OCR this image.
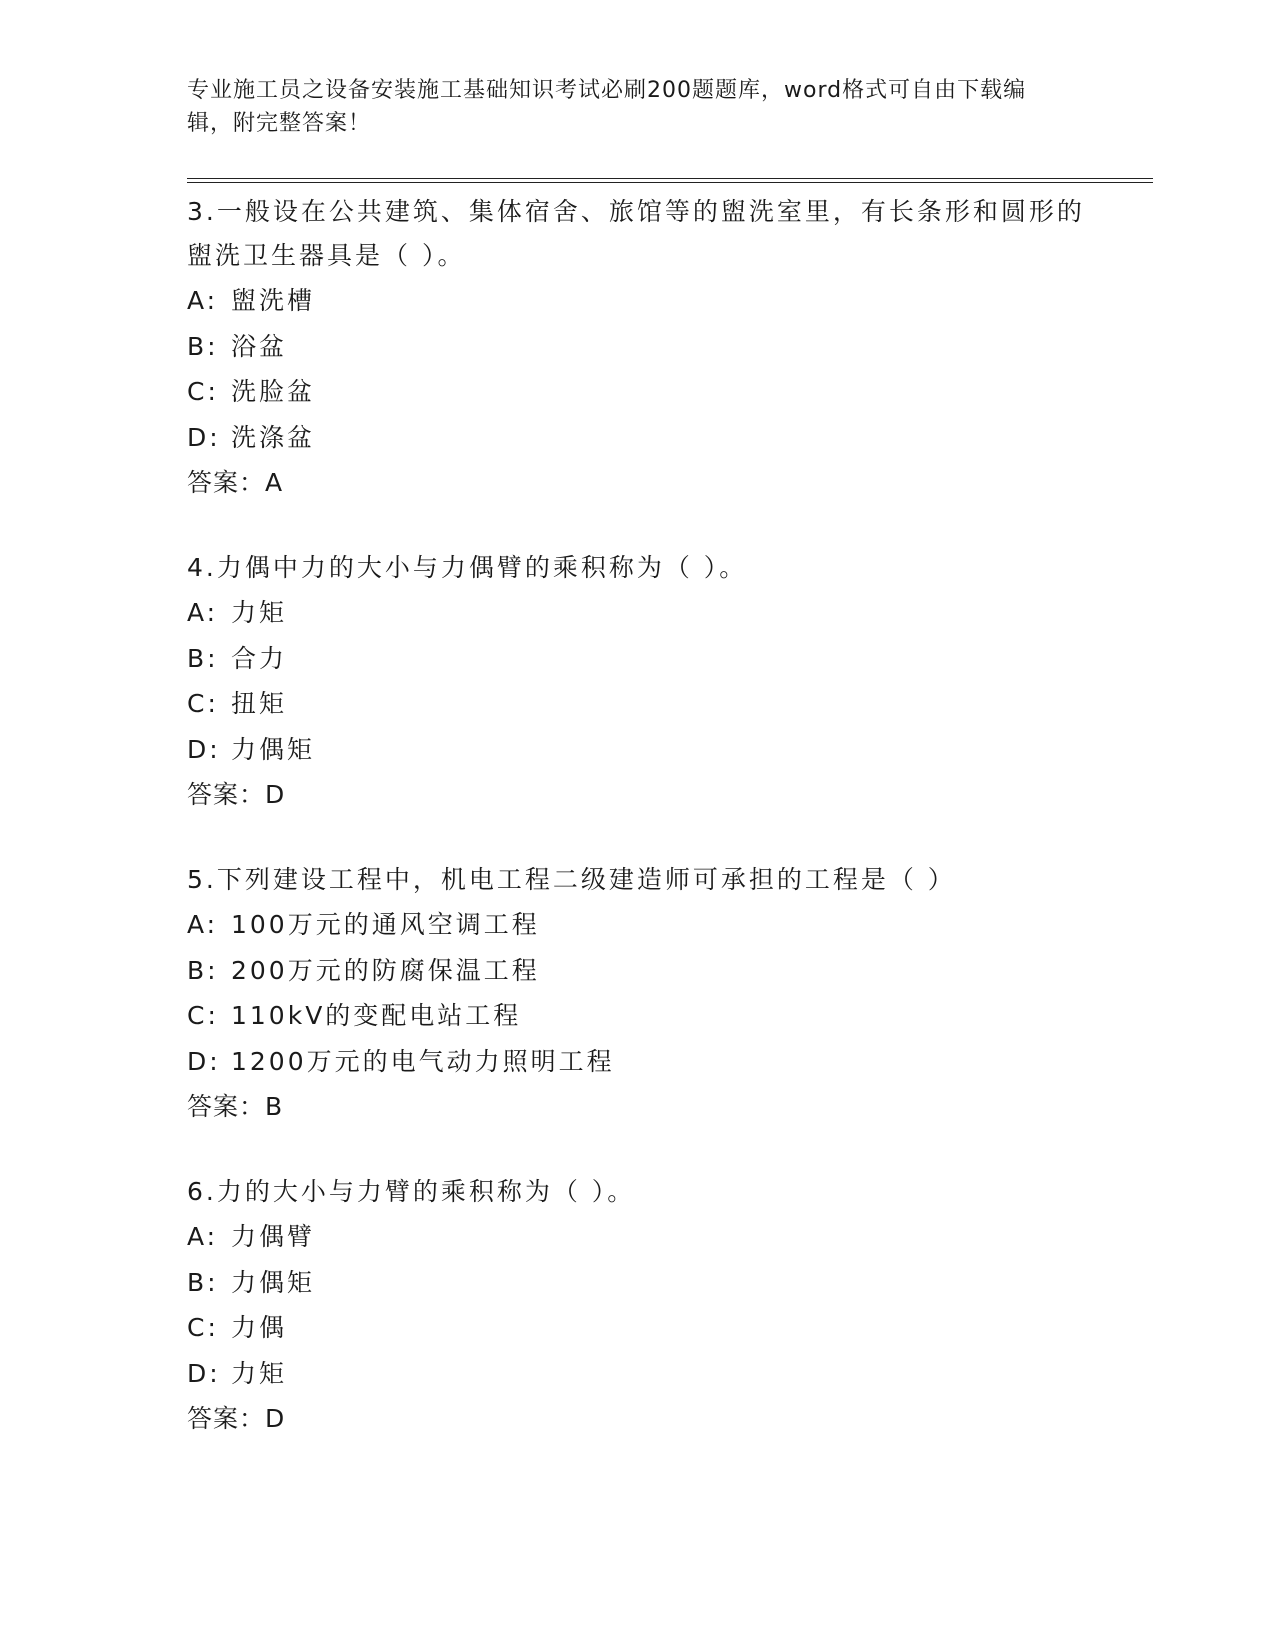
专业施工员之设备安装施工基础知识考试必刷200题题库，word格式可自由下载编辑，附完整答案！

3.一般设在公共建筑、集体宿舍、旅馆等的盥洗室里，有长条形和圆形的盥洗卫生器具是（ ）。

A: 盥洗槽

B: 浴盆

C: 洗脸盆

D: 洗涤盆

答案：A

4.力偶中力的大小与力偶臂的乘积称为（ ）。

A: 力矩

B: 合力

C: 扭矩

D: 力偶矩

答案：D

5.下列建设工程中，机电工程二级建造师可承担的工程是（ ）

A: 100万元的通风空调工程

B: 200万元的防腐保温工程

C: 110kV的变配电站工程

D: 1200万元的电气动力照明工程

答案：B

6.力的大小与力臂的乘积称为（ ）。

A: 力偶臂

B: 力偶矩

C: 力偶

D: 力矩

答案：D
